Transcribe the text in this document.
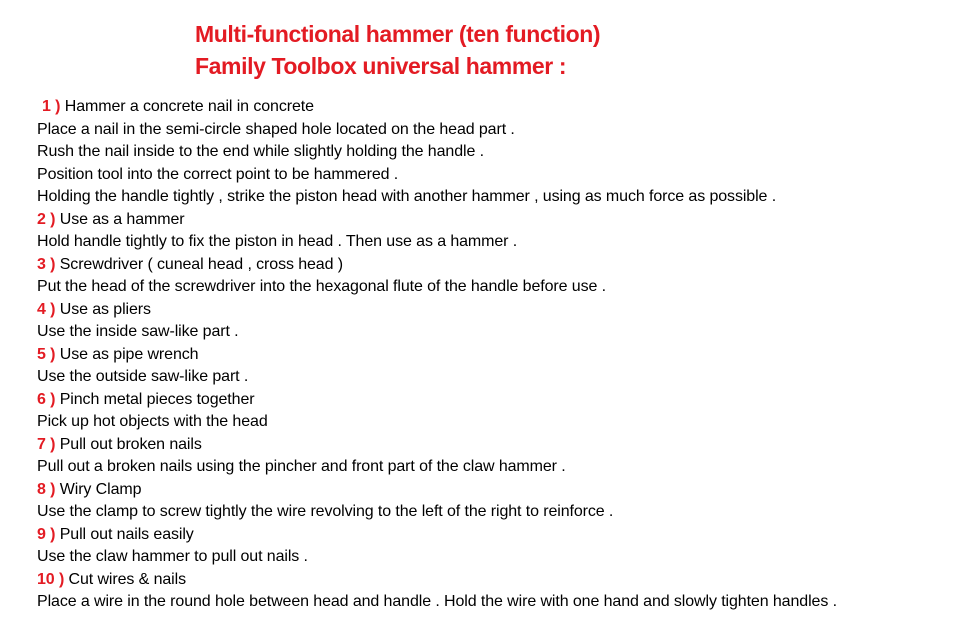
Multi-functional hammer (ten function)
Family Toolbox universal hammer :
1 ) Hammer a concrete nail in concrete
Place a nail in the semi-circle shaped hole located on the head part .
Rush the nail inside to the end while slightly holding the handle .
Position tool into the correct point to be hammered .
Holding the handle tightly , strike the piston head with another hammer , using as much force as possible .
2 ) Use as a hammer
Hold handle tightly to fix the piston in head . Then use as a hammer .
3 ) Screwdriver ( cuneal head , cross head )
Put the head of the screwdriver into the hexagonal flute of the handle before use .
4 ) Use as pliers
Use the inside saw-like part .
5 ) Use as pipe wrench
Use the outside saw-like part .
6 ) Pinch metal pieces together
Pick up hot objects with the head
7 ) Pull out broken nails
Pull out a broken nails using the pincher and front part of the claw hammer .
8 ) Wiry Clamp
Use the clamp to screw tightly the wire revolving to the left of the right to reinforce .
9 ) Pull out nails easily
Use the claw hammer to pull out nails .
10 ) Cut wires & nails
Place a wire in the round hole between head and handle . Hold the wire with one hand and slowly tighten handles .
